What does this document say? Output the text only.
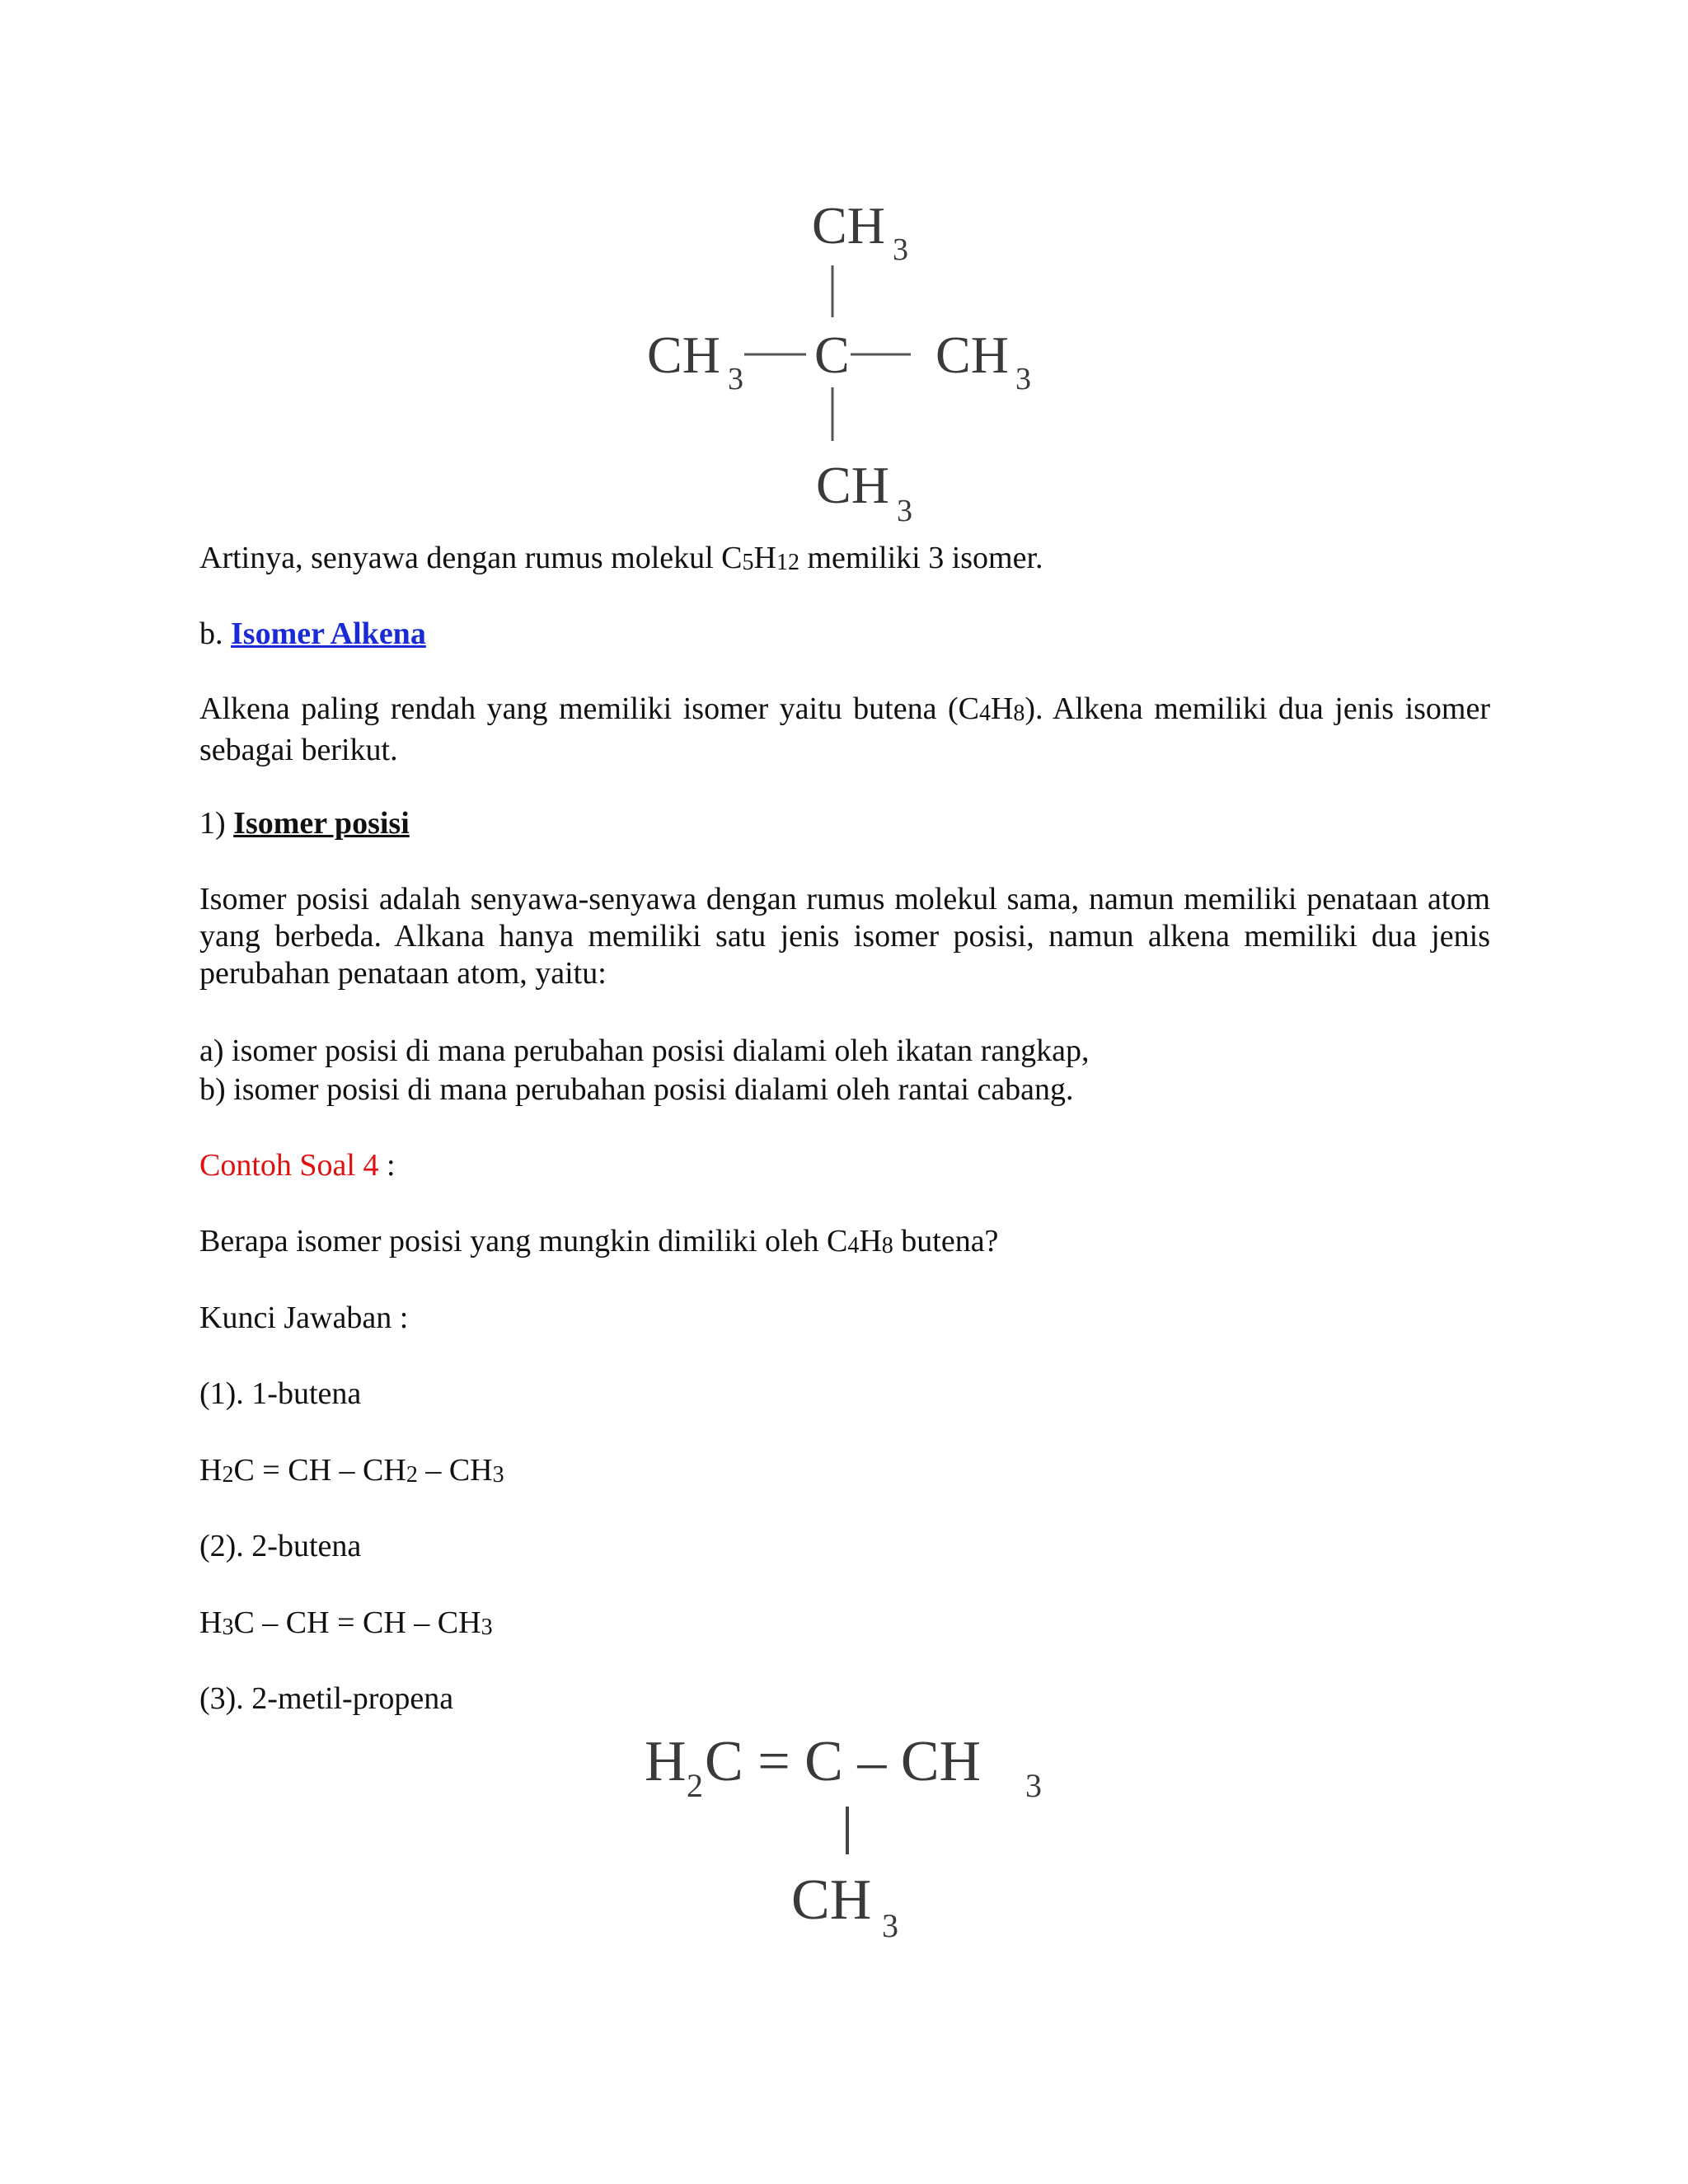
CH 3
CH 3 C CH 3
CH 3
Artinya, senyawa dengan rumus molekul C5H12 memiliki 3 isomer.
b. Isomer Alkena
Alkena paling rendah yang memiliki isomer yaitu butena (C4H8). Alkena memiliki dua jenis isomer sebagai berikut.
1) Isomer posisi
Isomer posisi adalah senyawa-senyawa dengan rumus molekul sama, namun memiliki penataan atom yang berbeda. Alkana hanya memiliki satu jenis isomer posisi, namun alkena memiliki dua jenis perubahan penataan atom, yaitu:
a) isomer posisi di mana perubahan posisi dialami oleh ikatan rangkap,
b) isomer posisi di mana perubahan posisi dialami oleh rantai cabang.
Contoh Soal 4 :
Berapa isomer posisi yang mungkin dimiliki oleh C4H8 butena?
Kunci Jawaban :
(1). 1-butena
H2C = CH – CH2 – CH3
(2). 2-butena
H3C – CH = CH – CH3
(3). 2-metil-propena
H 2 C = C – CH 3
CH 3
